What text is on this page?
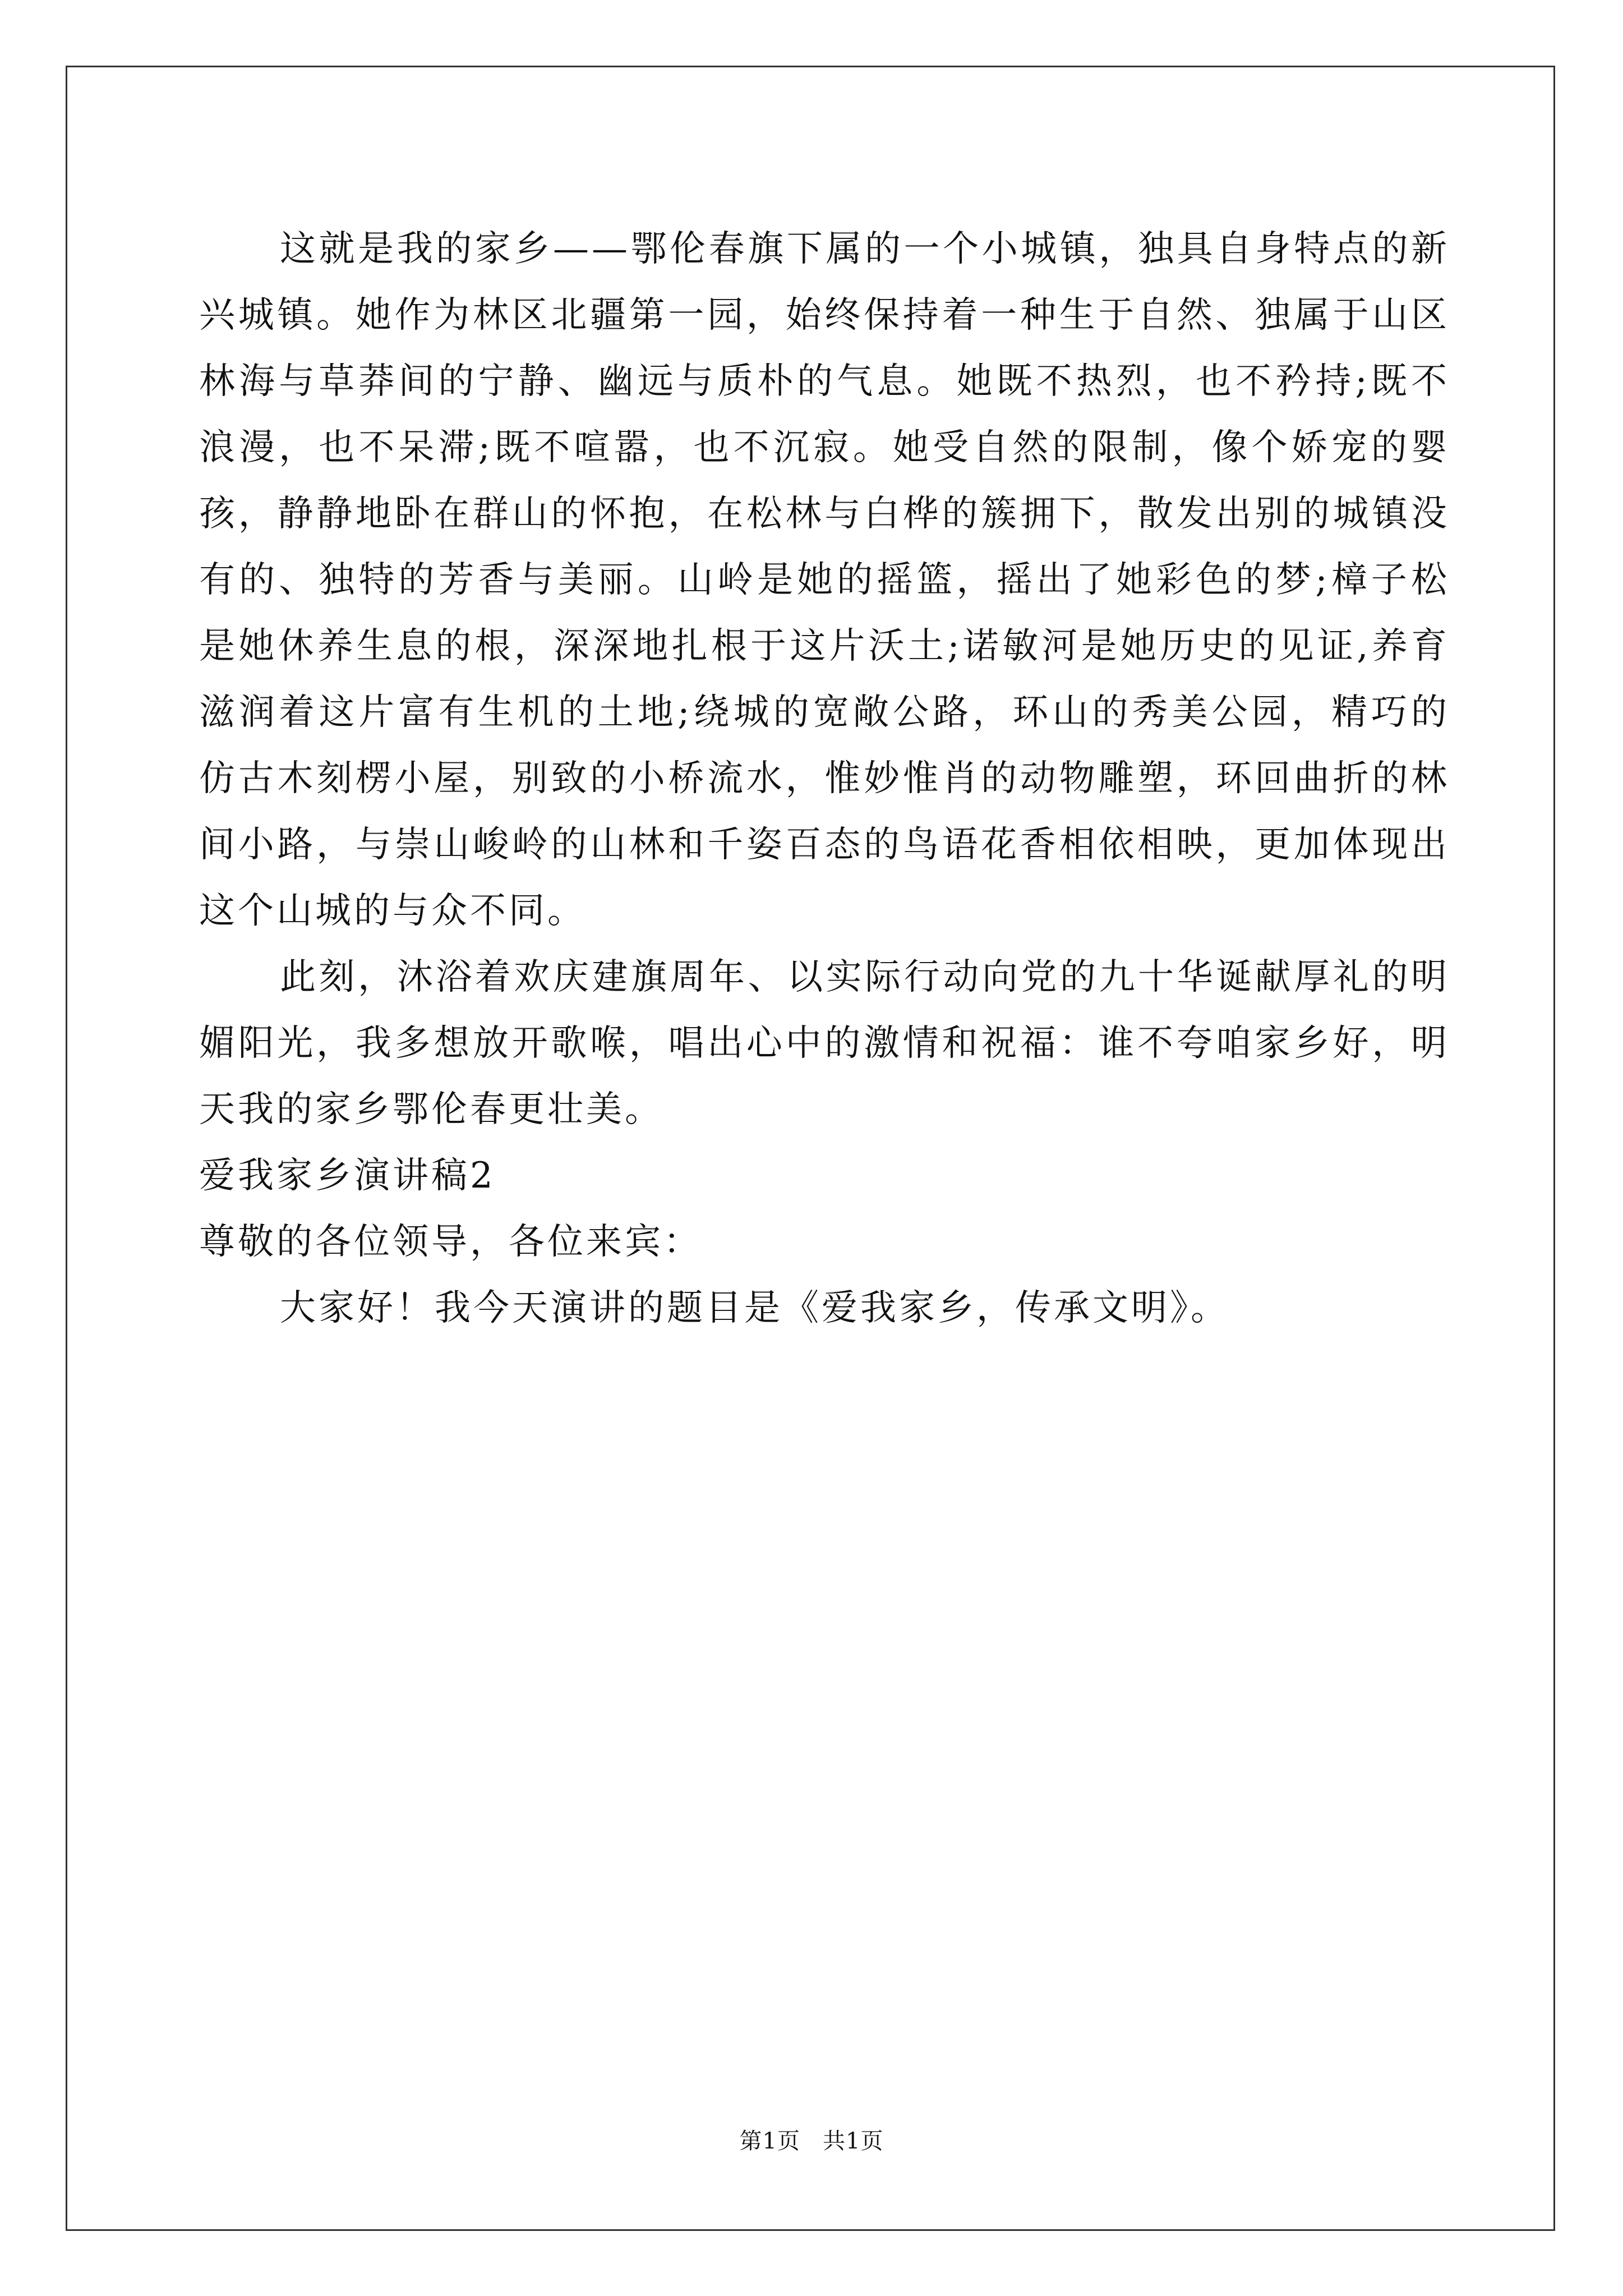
这就是我的家乡——鄂伦春旗下属的一个小城镇，独具自身特点的新兴城镇。她作为林区北疆第一园，始终保持着一种生于自然、独属于山区林海与草莽间的宁静、幽远与质朴的气息。她既不热烈，也不矜持;既不浪漫，也不呆滞;既不喧嚣，也不沉寂。她受自然的限制，像个娇宠的婴孩，静静地卧在群山的怀抱，在松林与白桦的簇拥下，散发出别的城镇没有的、独特的芳香与美丽。山岭是她的摇篮，摇出了她彩色的梦;樟子松是她休养生息的根，深深地扎根于这片沃土;诺敏河是她历史的见证,养育滋润着这片富有生机的土地;绕城的宽敞公路，环山的秀美公园，精巧的仿古木刻楞小屋，别致的小桥流水，惟妙惟肖的动物雕塑，环回曲折的林间小路，与崇山峻岭的山林和千姿百态的鸟语花香相依相映，更加体现出这个山城的与众不同。

此刻，沐浴着欢庆建旗周年、以实际行动向党的九十华诞献厚礼的明媚阳光，我多想放开歌喉，唱出心中的激情和祝福：谁不夸咱家乡好，明天我的家乡鄂伦春更壮美。

爱我家乡演讲稿2

尊敬的各位领导，各位来宾：

大家好！我今天演讲的题目是《爱我家乡，传承文明》。

第1页 共1页
